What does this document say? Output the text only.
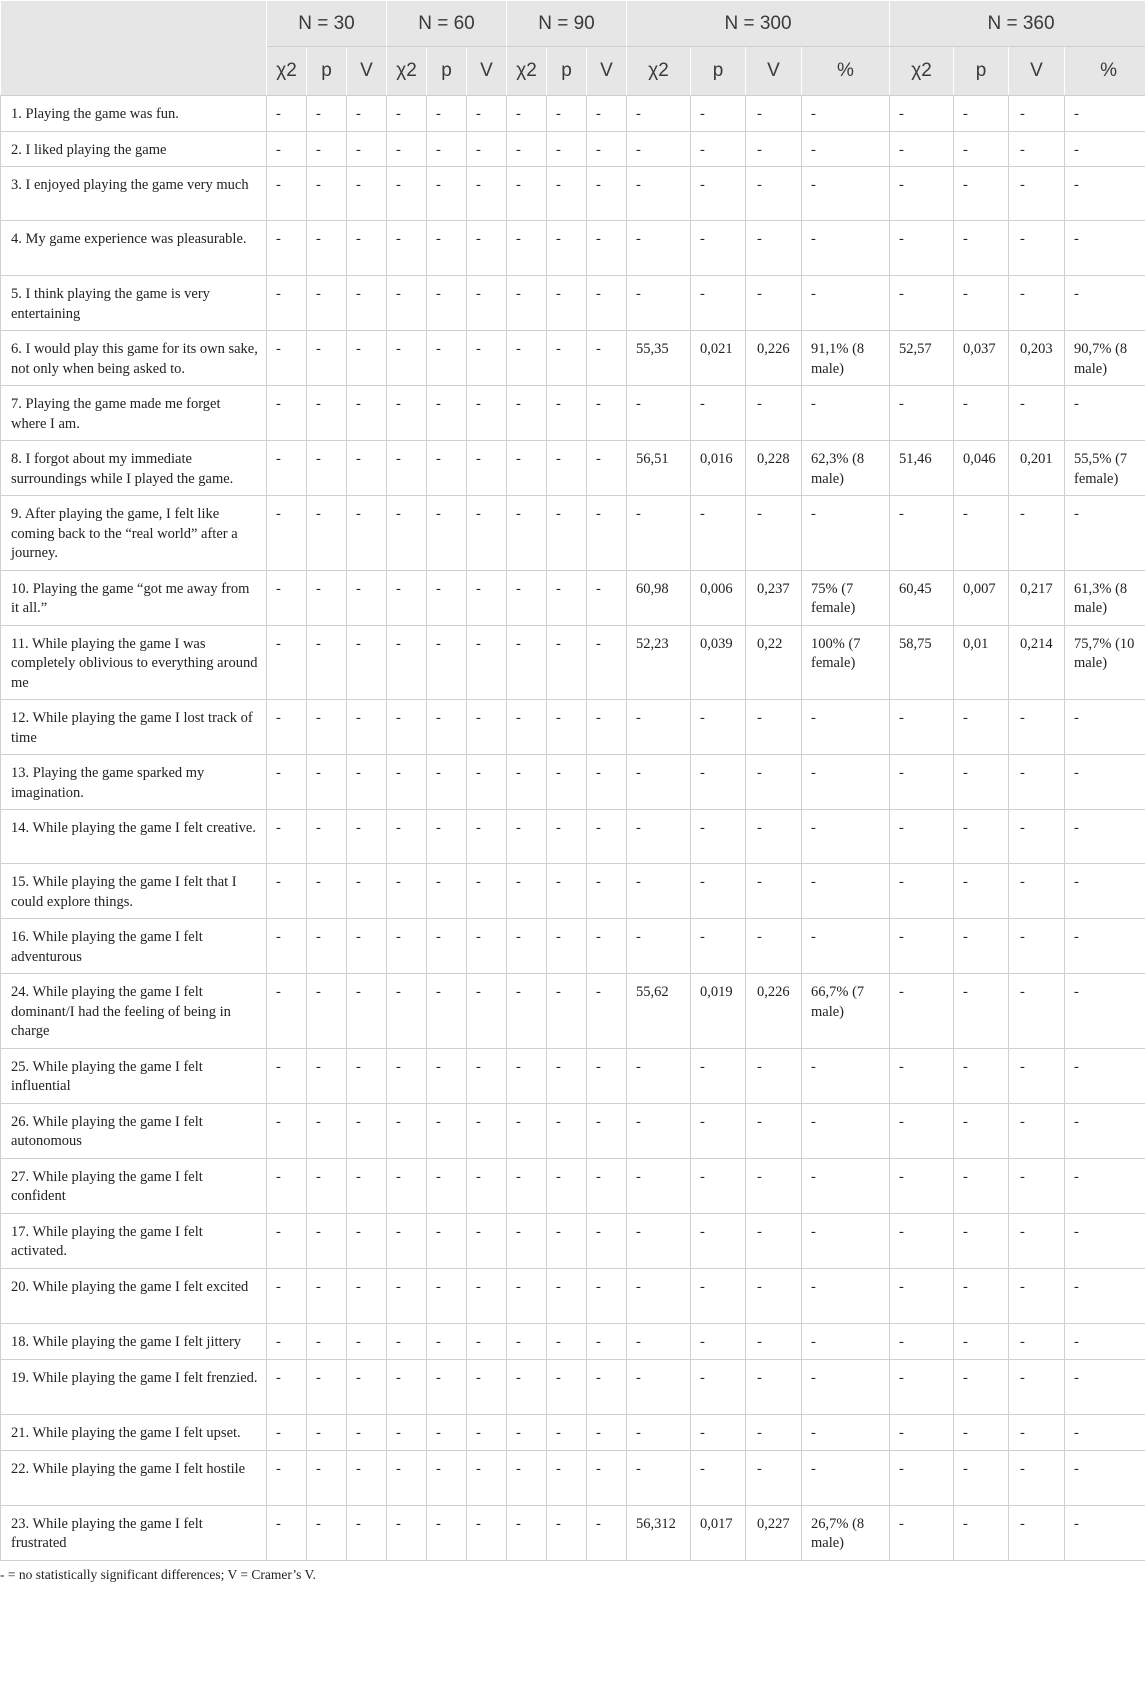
	N = 30			N = 60			N = 90			N = 300				N = 360			
	χ2	p	V	χ2	p	V	χ2	p	V	χ2	p	V	%	χ2	p	V	%
1. Playing the game was fun.	-	-	-	-	-	-	-	-	-	-	-	-	-	-	-	-	-
2. I liked playing the game	-	-	-	-	-	-	-	-	-	-	-	-	-	-	-	-	-
3. I enjoyed playing the game very much	-	-	-	-	-	-	-	-	-	-	-	-	-	-	-	-	-
4. My game experience was pleasurable.	-	-	-	-	-	-	-	-	-	-	-	-	-	-	-	-	-
5. I think playing the game is very entertaining	-	-	-	-	-	-	-	-	-	-	-	-	-	-	-	-	-
6. I would play this game for its own sake, not only when being asked to.	-	-	-	-	-	-	-	-	-	55,35	0,021	0,226	91,1% (8 male)	52,57	0,037	0,203	90,7% (8 male)
7. Playing the game made me forget where I am.	-	-	-	-	-	-	-	-	-	-	-	-	-	-	-	-	-
8. I forgot about my immediate surroundings while I played the game.	-	-	-	-	-	-	-	-	-	56,51	0,016	0,228	62,3% (8 male)	51,46	0,046	0,201	55,5% (7 female)
9. After playing the game, I felt like coming back to the “real world” after a journey.	-	-	-	-	-	-	-	-	-	-	-	-	-	-	-	-	-
10. Playing the game “got me away from it all.”	-	-	-	-	-	-	-	-	-	60,98	0,006	0,237	75% (7 female)	60,45	0,007	0,217	61,3% (8 male)
11. While playing the game I was completely oblivious to everything around me	-	-	-	-	-	-	-	-	-	52,23	0,039	0,22	100% (7 female)	58,75	0,01	0,214	75,7% (10 male)
12. While playing the game I lost track of time	-	-	-	-	-	-	-	-	-	-	-	-	-	-	-	-	-
13. Playing the game sparked my imagination.	-	-	-	-	-	-	-	-	-	-	-	-	-	-	-	-	-
14. While playing the game I felt creative.	-	-	-	-	-	-	-	-	-	-	-	-	-	-	-	-	-
15. While playing the game I felt that I could explore things.	-	-	-	-	-	-	-	-	-	-	-	-	-	-	-	-	-
16. While playing the game I felt adventurous	-	-	-	-	-	-	-	-	-	-	-	-	-	-	-	-	-
24. While playing the game I felt dominant/I had the feeling of being in charge	-	-	-	-	-	-	-	-	-	55,62	0,019	0,226	66,7% (7 male)	-	-	-	-
25. While playing the game I felt influential	-	-	-	-	-	-	-	-	-	-	-	-	-	-	-	-	-
26. While playing the game I felt autonomous	-	-	-	-	-	-	-	-	-	-	-	-	-	-	-	-	-
27. While playing the game I felt confident	-	-	-	-	-	-	-	-	-	-	-	-	-	-	-	-	-
17. While playing the game I felt activated.	-	-	-	-	-	-	-	-	-	-	-	-	-	-	-	-	-
20. While playing the game I felt excited	-	-	-	-	-	-	-	-	-	-	-	-	-	-	-	-	-
18. While playing the game I felt jittery	-	-	-	-	-	-	-	-	-	-	-	-	-	-	-	-	-
19. While playing the game I felt frenzied.	-	-	-	-	-	-	-	-	-	-	-	-	-	-	-	-	-
21. While playing the game I felt upset.	-	-	-	-	-	-	-	-	-	-	-	-	-	-	-	-	-
22. While playing the game I felt hostile	-	-	-	-	-	-	-	-	-	-	-	-	-	-	-	-	-
23. While playing the game I felt frustrated	-	-	-	-	-	-	-	-	-	56,312	0,017	0,227	26,7% (8 male)	-	-	-	-

- = no statistically significant differences; V = Cramer’s V.
